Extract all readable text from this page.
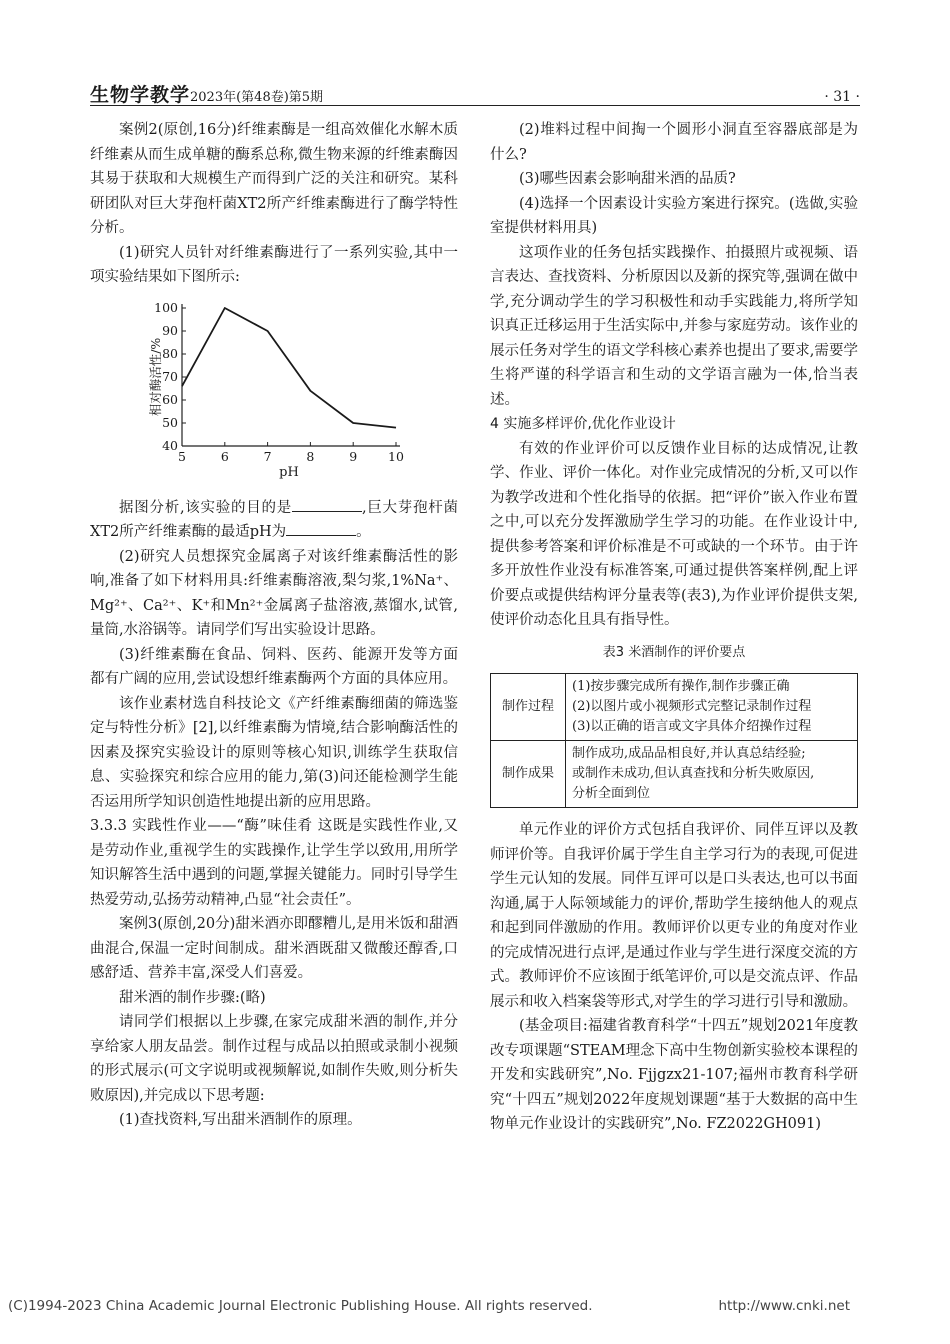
生物学教学2023年(第48卷)第5期	· 31 ·

案例2(原创,16分)纤维素酶是一组高效催化水解木质纤维素从而生成单糖的酶系总称,微生物来源的纤维素酶因其易于获取和大规模生产而得到广泛的关注和研究。某科研团队对巨大芽孢杆菌XT2所产纤维素酶进行了酶学特性分析。

(1)研究人员针对纤维素酶进行了一系列实验,其中一项实验结果如下图所示:

40
50
60
70
80
90
100
5	6	7	8	9 10
pH
相对酶活性/%

据图分析,该实验的目的是	,巨大芽孢杆菌XT2所产纤维素酶的最适pH为	。

(2)研究人员想探究金属离子对该纤维素酶活性的影响,准备了如下材料用具:纤维素酶溶液,梨匀浆,1%Na⁺、Mg²⁺、Ca²⁺、K⁺和Mn²⁺金属离子盐溶液,蒸馏水,试管,量筒,水浴锅等。请同学们写出实验设计思路。

(3)纤维素酶在食品、饲料、医药、能源开发等方面都有广阔的应用,尝试设想纤维素酶两个方面的具体应用。

该作业素材选自科技论文《产纤维素酶细菌的筛选鉴定与特性分析》[2],以纤维素酶为情境,结合影响酶活性的因素及探究实验设计的原则等核心知识,训练学生获取信息、实验探究和综合应用的能力,第(3)问还能检测学生能否运用所学知识创造性地提出新的应用思路。

3.3.3 实践性作业——“酶”味佳肴 这既是实践性作业,又是劳动作业,重视学生的实践操作,让学生学以致用,用所学知识解答生活中遇到的问题,掌握关键能力。同时引导学生热爱劳动,弘扬劳动精神,凸显“社会责任”。

案例3(原创,20分)甜米酒亦即醪糟儿,是用米饭和甜酒曲混合,保温一定时间制成。甜米酒既甜又微酸还醇香,口感舒适、营养丰富,深受人们喜爱。

甜米酒的制作步骤:(略)

请同学们根据以上步骤,在家完成甜米酒的制作,并分享给家人朋友品尝。制作过程与成品以拍照或录制小视频的形式展示(可文字说明或视频解说,如制作失败,则分析失败原因),并完成以下思考题:

(1)查找资料,写出甜米酒制作的原理。

(2)堆料过程中间掏一个圆形小洞直至容器底部是为什么?

(3)哪些因素会影响甜米酒的品质?

(4)选择一个因素设计实验方案进行探究。(选做,实验室提供材料用具)

这项作业的任务包括实践操作、拍摄照片或视频、语言表达、查找资料、分析原因以及新的探究等,强调在做中学,充分调动学生的学习积极性和动手实践能力,将所学知识真正迁移运用于生活实际中,并参与家庭劳动。该作业的展示任务对学生的语文学科核心素养也提出了要求,需要学生将严谨的科学语言和生动的文学语言融为一体,恰当表述。

4 实施多样评价,优化作业设计

有效的作业评价可以反馈作业目标的达成情况,让教学、作业、评价一体化。对作业完成情况的分析,又可以作为教学改进和个性化指导的依据。把“评价”嵌入作业布置之中,可以充分发挥激励学生学习的功能。在作业设计中,提供参考答案和评价标准是不可或缺的一个环节。由于许多开放性作业没有标准答案,可通过提供答案样例,配上评价要点或提供结构评分量表等(表3),为作业评价提供支架,使评价动态化且具有指导性。

表3 米酒制作的评价要点
制作过程	(1)按步骤完成所有操作,制作步骤正确
(2)以图片或小视频形式完整记录制作过程
(3)以正确的语言或文字具体介绍操作过程

制作成果	制作成功,成品品相良好,并认真总结经验;
或制作未成功,但认真查找和分析失败原因,
分析全面到位

单元作业的评价方式包括自我评价、同伴互评以及教师评价等。自我评价属于学生自主学习行为的表现,可促进学生元认知的发展。同伴互评可以是口头表达,也可以书面沟通,属于人际领域能力的评价,帮助学生接纳他人的观点和起到同伴激励的作用。教师评价以更专业的角度对作业的完成情况进行点评,是通过作业与学生进行深度交流的方式。教师评价不应该囿于纸笔评价,可以是交流点评、作品展示和收入档案袋等形式,对学生的学习进行引导和激励。

(基金项目:福建省教育科学“十四五”规划2021年度教改专项课题“STEAM理念下高中生物创新实验校本课程的开发和实践研究”,No. Fjjgzx21-107;福州市教育科学研究“十四五”规划2022年度规划课题“基于大数据的高中生物单元作业设计的实践研究”,No. FZ2022GH091)

(C)1994-2023 China Academic Journal Electronic Publishing House. All rights reserved.	http://www.cnki.net
